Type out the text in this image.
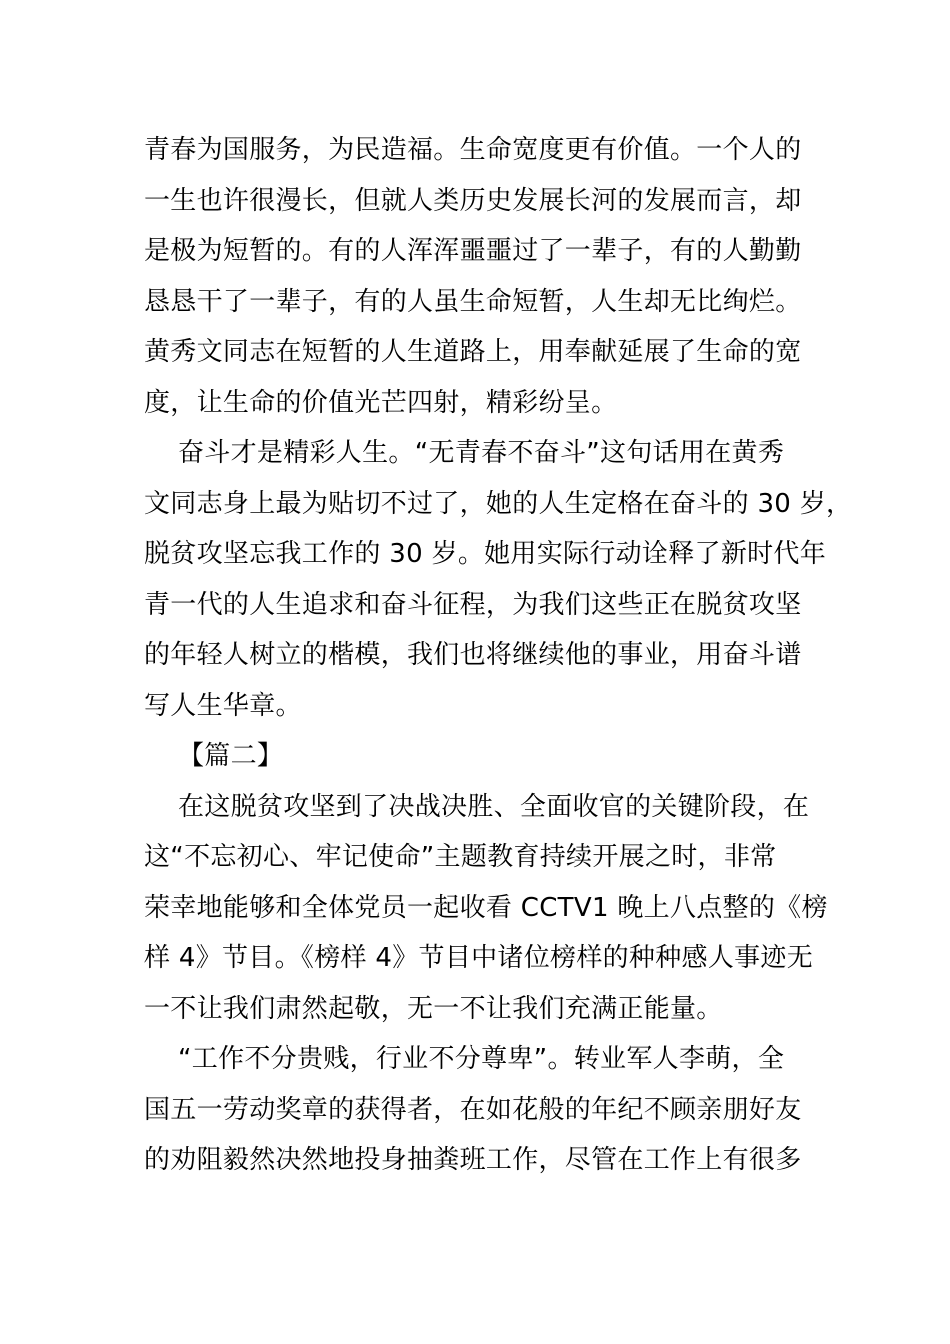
青春为国服务，为民造福。生命宽度更有价值。一个人的
一生也许很漫长，但就人类历史发展长河的发展而言，却
是极为短暂的。有的人浑浑噩噩过了一辈子，有的人勤勤
恳恳干了一辈子，有的人虽生命短暂，人生却无比绚烂。
黄秀文同志在短暂的人生道路上，用奉献延展了生命的宽
度，让生命的价值光芒四射，精彩纷呈。

奋斗才是精彩人生。“无青春不奋斗”这句话用在黄秀
文同志身上最为贴切不过了，她的人生定格在奋斗的 30 岁，
脱贫攻坚忘我工作的 30 岁。她用实际行动诠释了新时代年
青一代的人生追求和奋斗征程，为我们这些正在脱贫攻坚
的年轻人树立的楷模，我们也将继续他的事业，用奋斗谱
写人生华章。

【篇二】

在这脱贫攻坚到了决战决胜、全面收官的关键阶段，在
这“不忘初心、牢记使命”主题教育持续开展之时，非常
荣幸地能够和全体党员一起收看 CCTV1 晚上八点整的《榜
样 4》节目。《榜样 4》节目中诸位榜样的种种感人事迹无
一不让我们肃然起敬，无一不让我们充满正能量。

“工作不分贵贱，行业不分尊卑”。转业军人李萌，全
国五一劳动奖章的获得者，在如花般的年纪不顾亲朋好友
的劝阻毅然决然地投身抽粪班工作，尽管在工作上有很多
